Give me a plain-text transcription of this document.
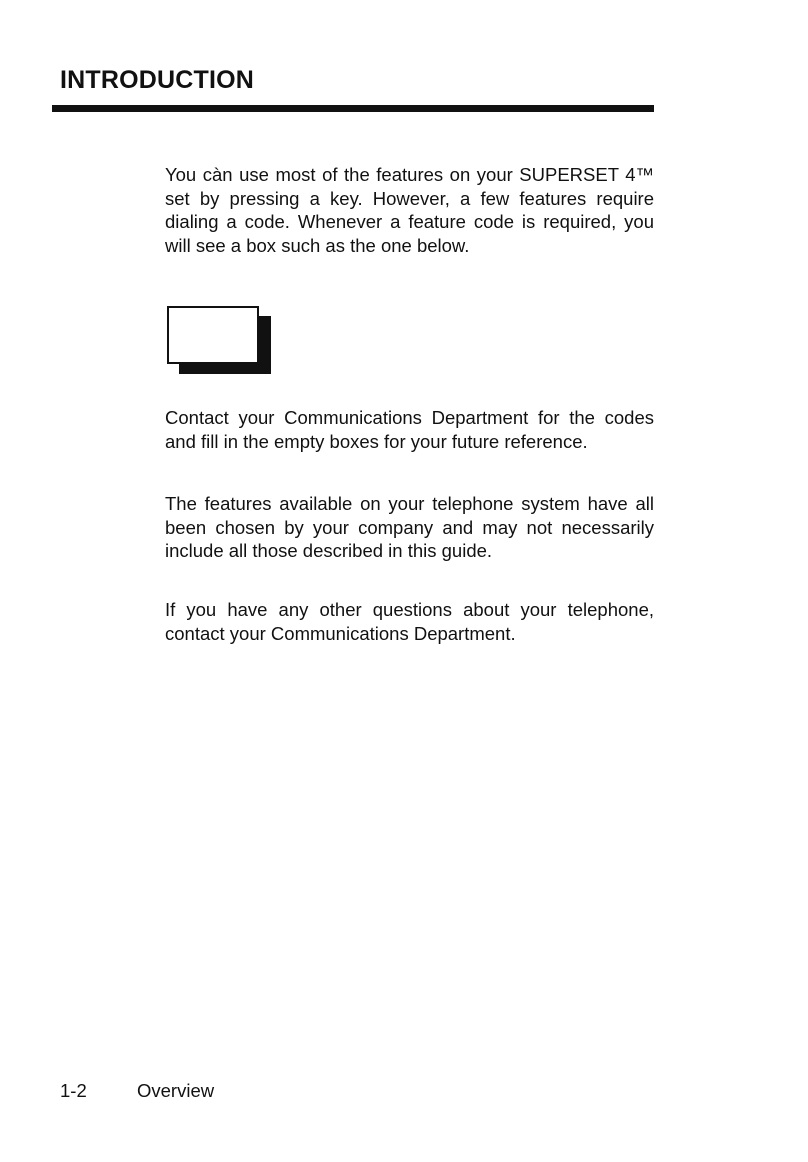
INTRODUCTION

You càn use most of the features on your SUPERSET 4™ set by pressing a key. However, a few features require dialing a code. Whenever a feature code is required, you will see a box such as the one below.

Contact your Communications Department for the codes and fill in the empty boxes for your future reference.

The features available on your telephone system have all been chosen by your company and may not necessarily include all those described in this guide.

If you have any other questions about your telephone, contact your Communications Department.

1-2	Overview
